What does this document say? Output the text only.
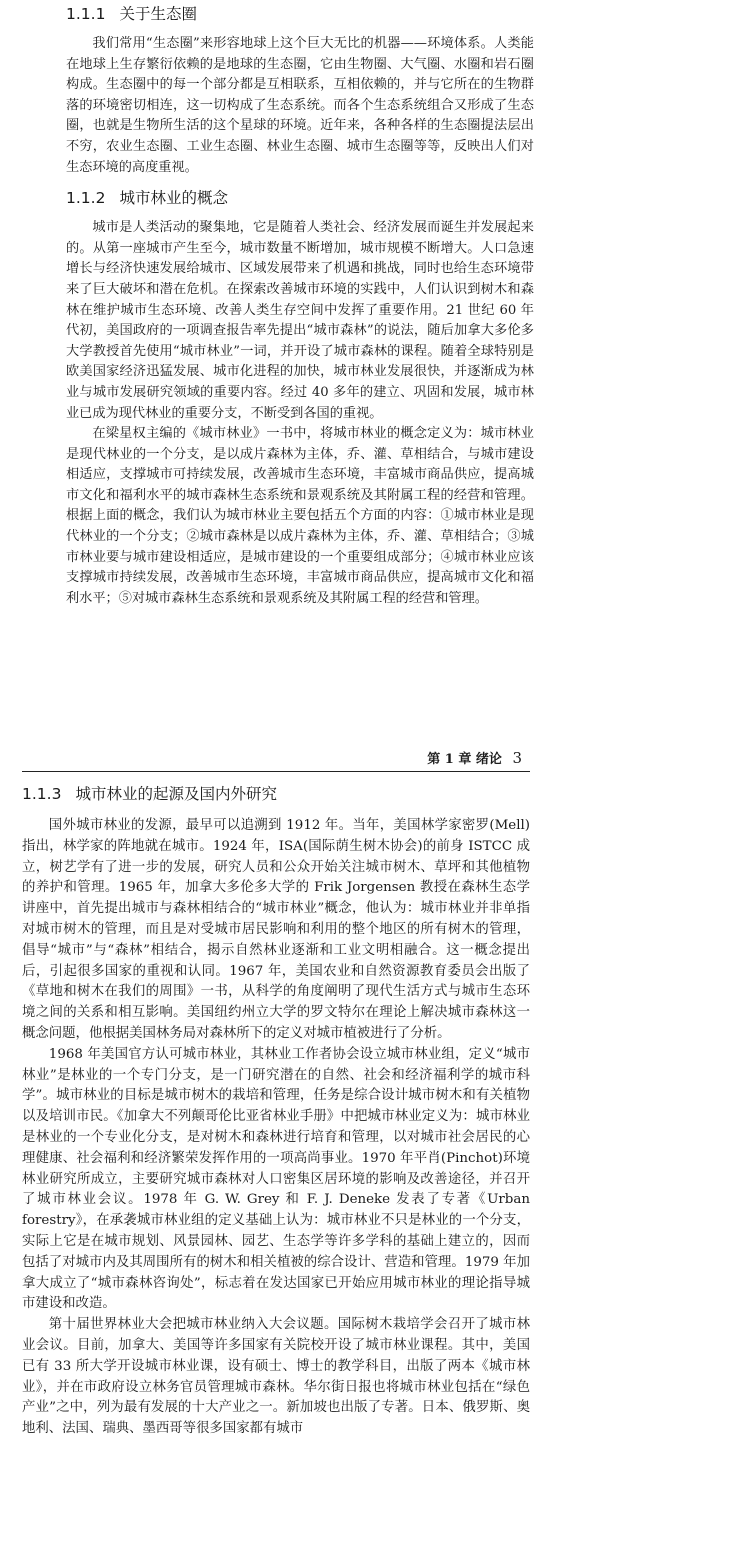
1.1.1 关于生态圈

我们常用“生态圈”来形容地球上这个巨大无比的机器——环境体系。人类能在地球上生存繁衍依赖的是地球的生态圈，它由生物圈、大气圈、水圈和岩石圈构成。生态圈中的每一个部分都是互相联系，互相依赖的，并与它所在的生物群落的环境密切相连，这一切构成了生态系统。而各个生态系统组合又形成了生态圈，也就是生物所生活的这个星球的环境。近年来，各种各样的生态圈提法层出不穷，农业生态圈、工业生态圈、林业生态圈、城市生态圈等等，反映出人们对生态环境的高度重视。

1.1.2 城市林业的概念

城市是人类活动的聚集地，它是随着人类社会、经济发展而诞生并发展起来的。从第一座城市产生至今，城市数量不断增加，城市规模不断增大。人口急速增长与经济快速发展给城市、区域发展带来了机遇和挑战，同时也给生态环境带来了巨大破坏和潜在危机。在探索改善城市环境的实践中，人们认识到树木和森林在维护城市生态环境、改善人类生存空间中发挥了重要作用。21 世纪 60 年代初，美国政府的一项调查报告率先提出“城市森林”的说法，随后加拿大多伦多大学教授首先使用“城市林业”一词，并开设了城市森林的课程。随着全球特别是欧美国家经济迅猛发展、城市化进程的加快，城市林业发展很快，并逐渐成为林业与城市发展研究领域的重要内容。经过 40 多年的建立、巩固和发展，城市林业已成为现代林业的重要分支，不断受到各国的重视。

在梁星权主编的《城市林业》一书中，将城市林业的概念定义为：城市林业是现代林业的一个分支，是以成片森林为主体，乔、灌、草相结合，与城市建设相适应，支撑城市可持续发展，改善城市生态环境，丰富城市商品供应，提高城市文化和福利水平的城市森林生态系统和景观系统及其附属工程的经营和管理。根据上面的概念，我们认为城市林业主要包括五个方面的内容：①城市林业是现代林业的一个分支；②城市森林是以成片森林为主体，乔、灌、草相结合；③城市林业要与城市建设相适应，是城市建设的一个重要组成部分；④城市林业应该支撑城市持续发展，改善城市生态环境，丰富城市商品供应，提高城市文化和福利水平；⑤对城市森林生态系统和景观系统及其附属工程的经营和管理。

第 1 章 绪论 3
1.1.3 城市林业的起源及国内外研究

国外城市林业的发源，最早可以追溯到 1912 年。当年，美国林学家密罗(Mell)指出，林学家的阵地就在城市。1924 年，ISA(国际荫生树木协会)的前身 ISTCC 成立，树艺学有了进一步的发展，研究人员和公众开始关注城市树木、草坪和其他植物的养护和管理。1965 年，加拿大多伦多大学的 Frik Jorgensen 教授在森林生态学讲座中，首先提出城市与森林相结合的“城市林业”概念，他认为：城市林业并非单指对城市树木的管理，而且是对受城市居民影响和利用的整个地区的所有树木的管理，倡导“城市”与“森林”相结合，揭示自然林业逐渐和工业文明相融合。这一概念提出后，引起很多国家的重视和认同。1967 年，美国农业和自然资源教育委员会出版了《草地和树木在我们的周围》一书，从科学的角度阐明了现代生活方式与城市生态环境之间的关系和相互影响。美国纽约州立大学的罗文特尔在理论上解决城市森林这一概念问题，他根据美国林务局对森林所下的定义对城市植被进行了分析。

1968 年美国官方认可城市林业，其林业工作者协会设立城市林业组，定义“城市林业”是林业的一个专门分支，是一门研究潜在的自然、社会和经济福利学的城市科学”。城市林业的目标是城市树木的栽培和管理，任务是综合设计城市树木和有关植物以及培训市民。《加拿大不列颠哥伦比亚省林业手册》中把城市林业定义为：城市林业是林业的一个专业化分支，是对树木和森林进行培育和管理，以对城市社会居民的心理健康、社会福利和经济繁荣发挥作用的一项高尚事业。1970 年平肖(Pinchot)环境林业研究所成立，主要研究城市森林对人口密集区居环境的影响及改善途径，并召开了城市林业会议。1978 年 G. W. Grey 和 F. J. Deneke 发表了专著《Urban forestry》，在承袭城市林业组的定义基础上认为：城市林业不只是林业的一个分支，实际上它是在城市规划、风景园林、园艺、生态学等许多学科的基础上建立的，因而包括了对城市内及其周围所有的树木和相关植被的综合设计、营造和管理。1979 年加拿大成立了“城市森林咨询处”，标志着在发达国家已开始应用城市林业的理论指导城市建设和改造。

第十届世界林业大会把城市林业纳入大会议题。国际树木栽培学会召开了城市林业会议。目前，加拿大、美国等许多国家有关院校开设了城市林业课程。其中，美国已有 33 所大学开设城市林业课，设有硕士、博士的教学科目，出版了两本《城市林业》，并在市政府设立林务官员管理城市森林。华尔街日报也将城市林业包括在“绿色产业”之中，列为最有发展的十大产业之一。新加坡也出版了专著。日本、俄罗斯、奥地利、法国、瑞典、墨西哥等很多国家都有城市
